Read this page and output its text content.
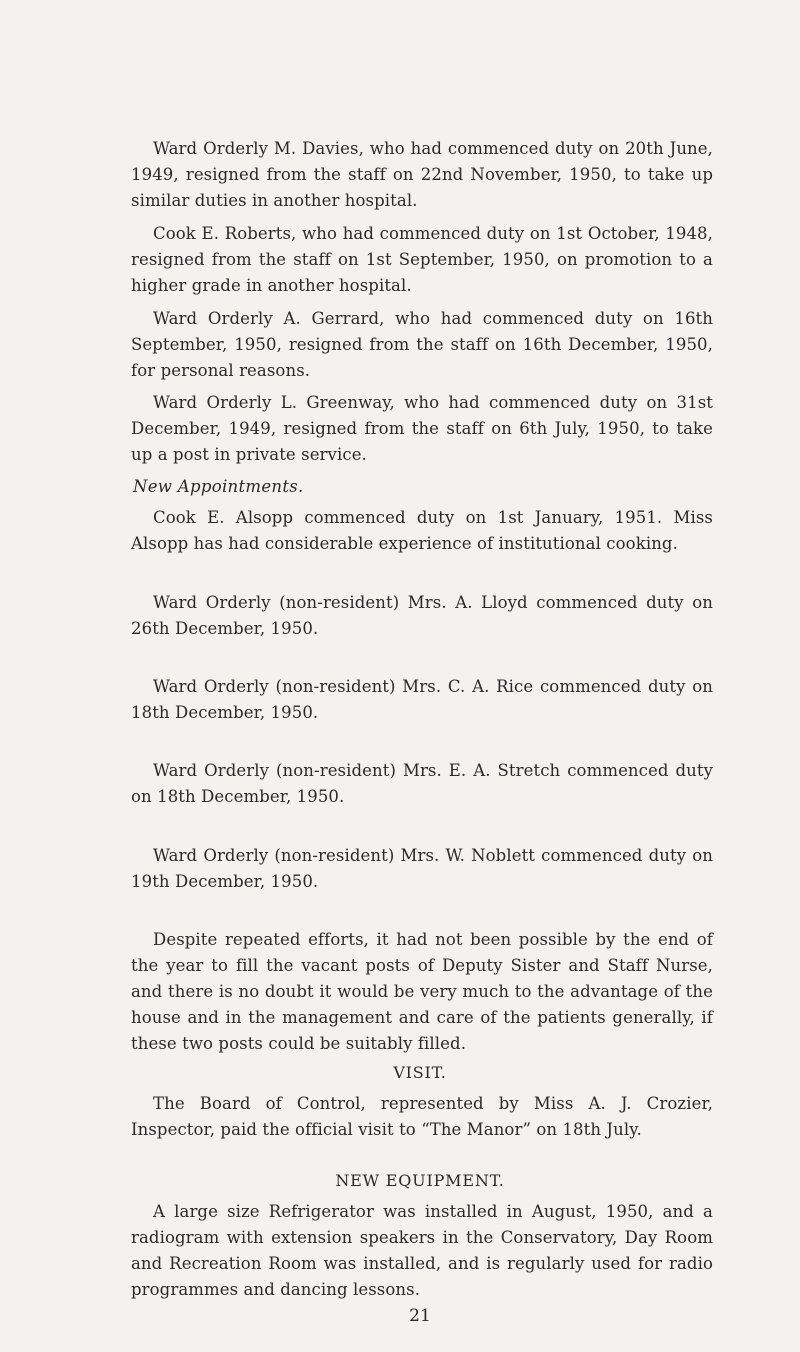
Ward Orderly M. Davies, who had commenced duty on 20th June, 1949, resigned from the staff on 22nd November, 1950, to take up similar duties in another hospital.

Cook E. Roberts, who had commenced duty on 1st October, 1948, resigned from the staff on 1st September, 1950, on promotion to a higher grade in another hospital.

Ward Orderly A. Gerrard, who had commenced duty on 16th September, 1950, resigned from the staff on 16th December, 1950, for personal reasons.

Ward Orderly L. Greenway, who had commenced duty on 31st December, 1949, resigned from the staff on 6th July, 1950, to take up a post in private service.

New Appointments.

Cook E. Alsopp commenced duty on 1st January, 1951. Miss Alsopp has had considerable experience of institutional cooking.

Ward Orderly (non-resident) Mrs. A. Lloyd commenced duty on 26th December, 1950.

Ward Orderly (non-resident) Mrs. C. A. Rice commenced duty on 18th December, 1950.

Ward Orderly (non-resident) Mrs. E. A. Stretch commenced duty on 18th December, 1950.

Ward Orderly (non-resident) Mrs. W. Noblett commenced duty on 19th December, 1950.

Despite repeated efforts, it had not been possible by the end of the year to fill the vacant posts of Deputy Sister and Staff Nurse, and there is no doubt it would be very much to the advantage of the house and in the management and care of the patients generally, if these two posts could be suitably filled.

VISIT.

The Board of Control, represented by Miss A. J. Crozier, Inspector, paid the official visit to “The Manor” on 18th July.

NEW EQUIPMENT.

A large size Refrigerator was installed in August, 1950, and a radiogram with extension speakers in the Conservatory, Day Room and Recreation Room was installed, and is regularly used for radio programmes and dancing lessons.

21
